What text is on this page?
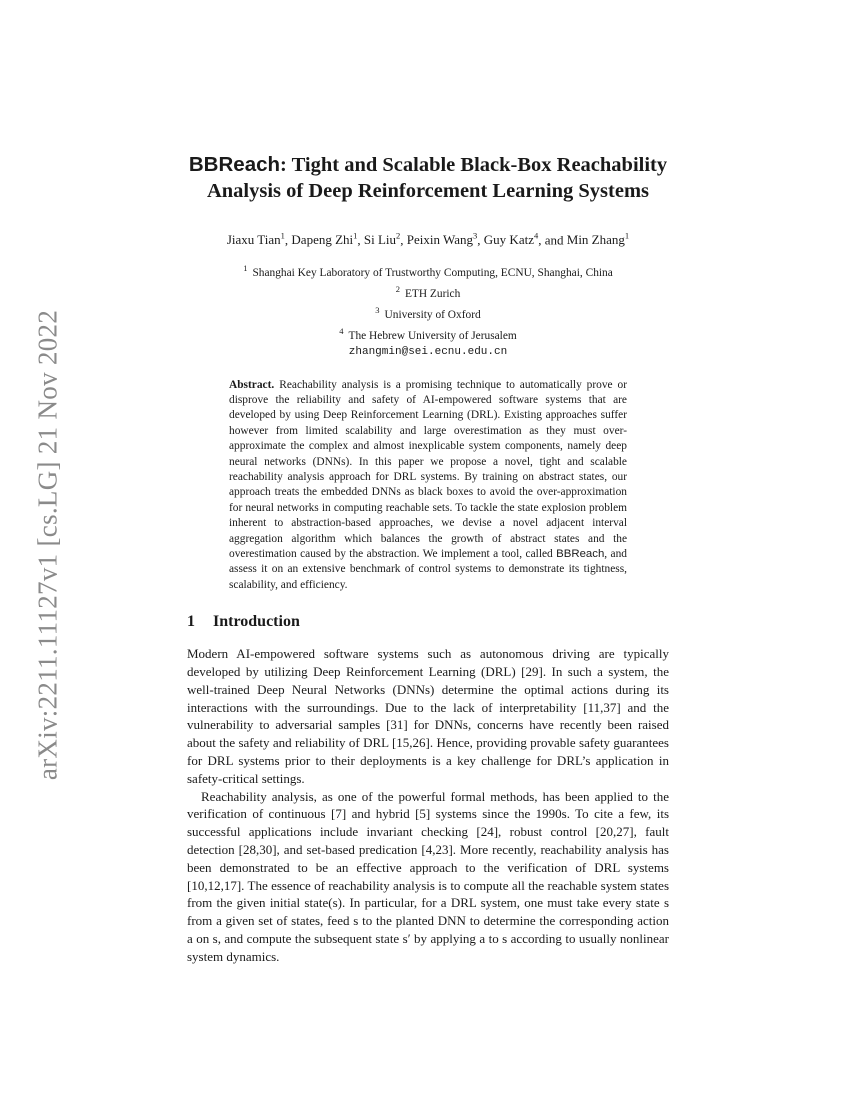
arXiv:2211.11127v1 [cs.LG] 21 Nov 2022
BBReach: Tight and Scalable Black-Box Reachability
Analysis of Deep Reinforcement Learning Systems
Jiaxu Tian$^1$, Dapeng Zhi$^1$, Si Liu$^2$, Peixin Wang$^3$, Guy Katz$^4$, and Min Zhang$^1$
$^1$ Shanghai Key Laboratory of Trustworthy Computing, ECNU, Shanghai, China
$^2$ ETH Zurich
$^3$ University of Oxford
$^4$ The Hebrew University of Jerusalem
zhangmin@sei.ecnu.edu.cn
Abstract. Reachability analysis is a promising technique to automatically prove or disprove the reliability and safety of AI-empowered software systems that are developed by using Deep Reinforcement Learning (DRL). Existing approaches suffer however from limited scalability and large overestimation as they must over-approximate the complex and almost inexplicable system components, namely deep neural networks (DNNs). In this paper we propose a novel, tight and scalable reachability analysis approach for DRL systems. By training on abstract states, our approach treats the embedded DNNs as black boxes to avoid the over-approximation for neural networks in computing reachable sets. To tackle the state explosion problem inherent to abstraction-based approaches, we devise a novel adjacent interval aggregation algorithm which balances the growth of abstract states and the overestimation caused by the abstraction. We implement a tool, called BBReach, and assess it on an extensive benchmark of control systems to demonstrate its tightness, scalability, and efficiency.
1 Introduction

Modern AI-empowered software systems such as autonomous driving are typically developed by utilizing Deep Reinforcement Learning (DRL) [29]. In such a system, the well-trained Deep Neural Networks (DNNs) determine the optimal actions during its interactions with the surroundings. Due to the lack of interpretability [11,37] and the vulnerability to adversarial samples [31] for DNNs, concerns have recently been raised about the safety and reliability of DRL [15,26]. Hence, providing provable safety guarantees for DRL systems prior to their deployments is a key challenge for DRL’s application in safety-critical settings.

Reachability analysis, as one of the powerful formal methods, has been applied to the verification of continuous [7] and hybrid [5] systems since the 1990s. To cite a few, its successful applications include invariant checking [24], robust control [20,27], fault detection [28,30], and set-based predication [4,23]. More recently, reachability analysis has been demonstrated to be an effective approach to the verification of DRL systems [10,12,17]. The essence of reachability analysis is to compute all the reachable system states from the given initial state(s). In particular, for a DRL system, one must take every state s from a given set of states, feed s to the planted DNN to determine the corresponding action a on s, and compute the subsequent state s′ by applying a to s according to usually nonlinear system dynamics.
